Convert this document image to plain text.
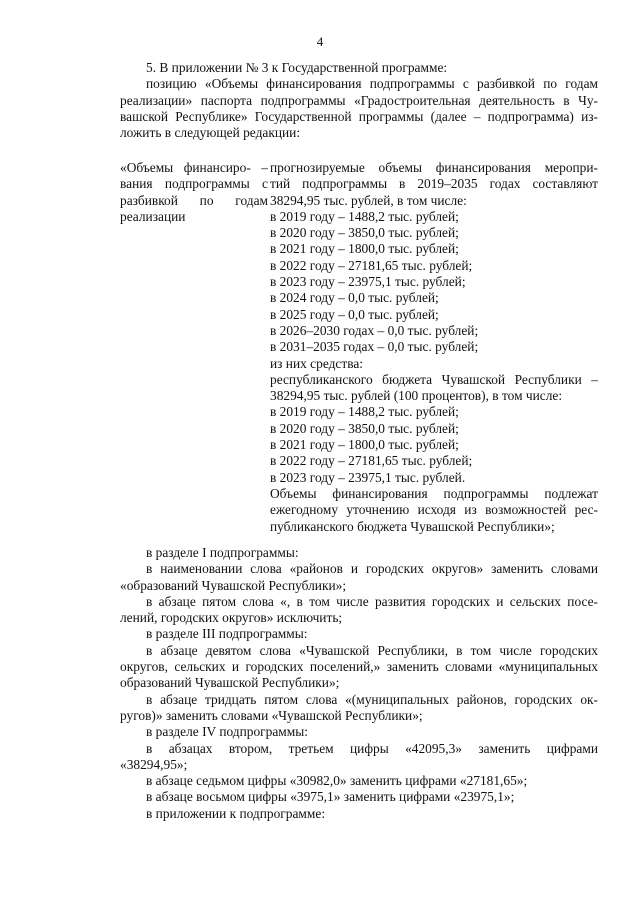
4
5. В приложении № 3 к Государственной программе:
позицию «Объемы финансирования подпрограммы с разбивкой по годам
реализации» паспорта подпрограммы «Градостроительная деятельность в Чу-
вашской Республике» Государственной программы (далее – подпрограмма) из-
ложить в следующей редакции:
«Объемы финансиро- –
вания подпрограммы с
разбивкой по годам
реализации
прогнозируемые объемы финансирования меропри-
тий подпрограммы в 2019–2035 годах составляют
38294,95 тыс. рублей, в том числе:
в 2019 году – 1488,2 тыс. рублей;
в 2020 году – 3850,0 тыс. рублей;
в 2021 году – 1800,0 тыс. рублей;
в 2022 году – 27181,65 тыс. рублей;
в 2023 году – 23975,1 тыс. рублей;
в 2024 году – 0,0 тыс. рублей;
в 2025 году – 0,0 тыс. рублей;
в 2026–2030 годах – 0,0 тыс. рублей;
в 2031–2035 годах – 0,0 тыс. рублей;
из них средства:
республиканского бюджета Чувашской Республики –
38294,95 тыс. рублей (100 процентов), в том числе:
в 2019 году – 1488,2 тыс. рублей;
в 2020 году – 3850,0 тыс. рублей;
в 2021 году – 1800,0 тыс. рублей;
в 2022 году – 27181,65 тыс. рублей;
в 2023 году – 23975,1 тыс. рублей.
Объемы финансирования подпрограммы подлежат
ежегодному уточнению исходя из возможностей рес-
публиканского бюджета Чувашской Республики»;
в разделе I подпрограммы:
в наименовании слова «районов и городских округов» заменить словами
«образований Чувашской Республики»;
в абзаце пятом слова «, в том числе развития городских и сельских посе-
лений, городских округов» исключить;
в разделе III подпрограммы:
в абзаце девятом слова «Чувашской Республики, в том числе городских
округов, сельских и городских поселений,» заменить словами «муниципальных
образований Чувашской Республики»;
в абзаце тридцать пятом слова «(муниципальных районов, городских ок-
ругов)» заменить словами «Чувашской Республики»;
в разделе IV подпрограммы:
в абзацах втором, третьем цифры «42095,3» заменить цифрами
«38294,95»;
в абзаце седьмом цифры «30982,0» заменить цифрами «27181,65»;
в абзаце восьмом цифры «3975,1» заменить цифрами «23975,1»;
в приложении к подпрограмме:
